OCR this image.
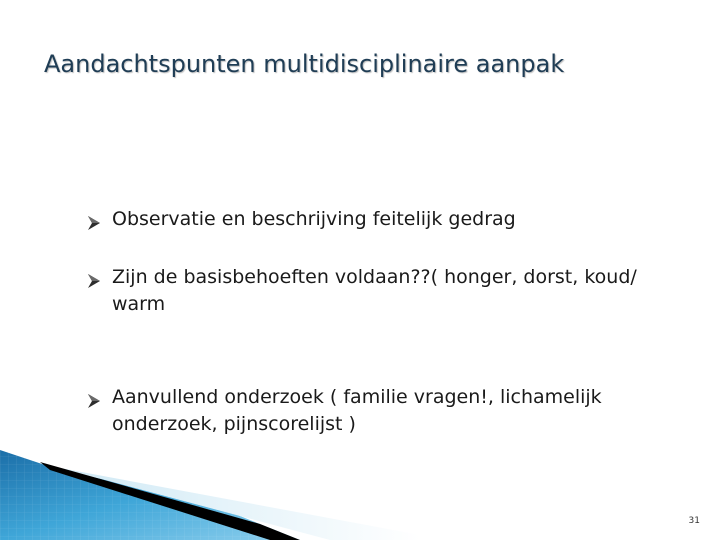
Aandachtspunten multidisciplinaire aanpak
Observatie en beschrijving feitelijk gedrag
Zijn de basisbehoeften voldaan??( honger, dorst, koud/ warm
Aanvullend onderzoek ( familie vragen!, lichamelijk onderzoek, pijnscorelijst )
31
